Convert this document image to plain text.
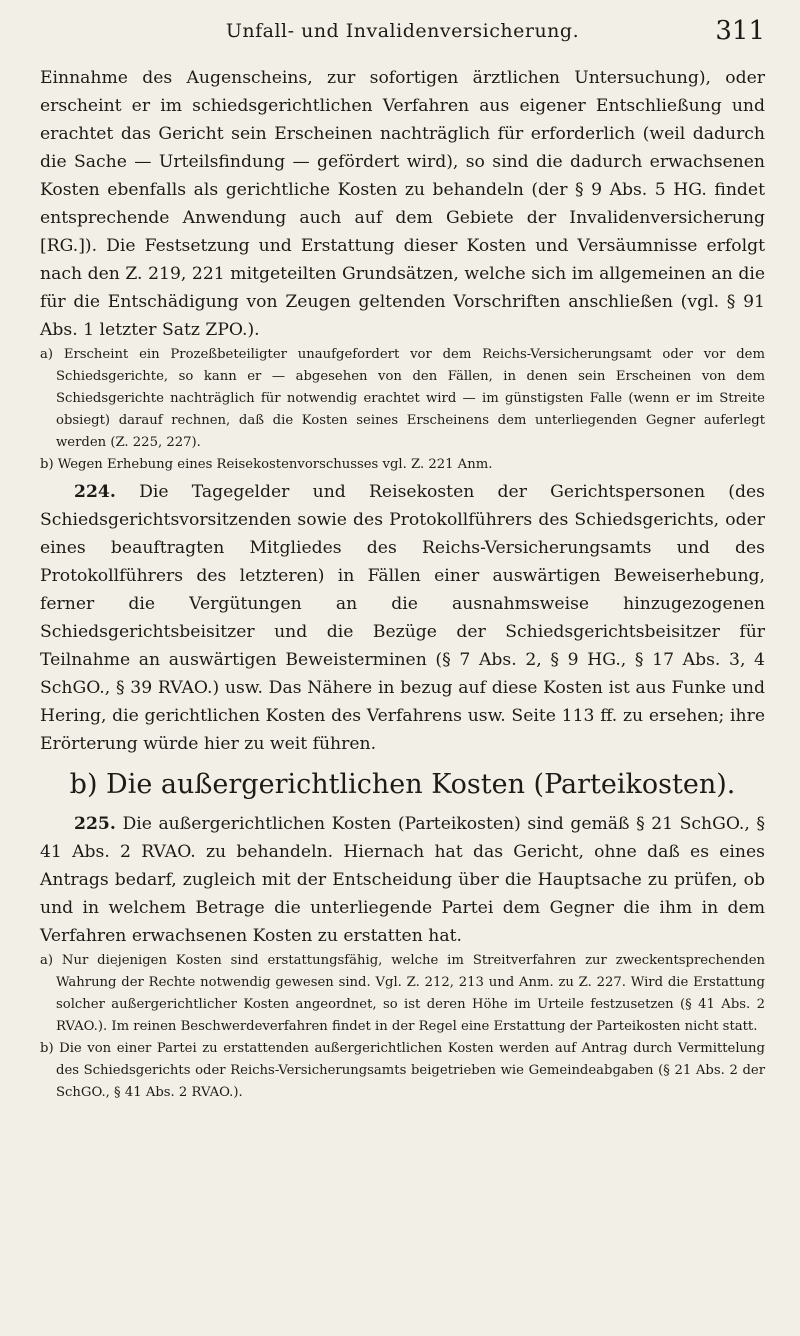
Unfall- und Invalidenversicherung.	311

Einnahme des Augenscheins, zur sofortigen ärztlichen Untersuchung), oder erscheint er im schiedsgerichtlichen Verfahren aus eigener Entschließung und erachtet das Gericht sein Erscheinen nachträglich für erforderlich (weil dadurch die Sache — Urteilsfindung — gefördert wird), so sind die dadurch erwachsenen Kosten ebenfalls als gerichtliche Kosten zu behandeln (der § 9 Abs. 5 HG. findet entsprechende Anwendung auch auf dem Gebiete der Invalidenversicherung [RG.]). Die Festsetzung und Erstattung dieser Kosten und Versäumnisse erfolgt nach den Z. 219, 221 mitgeteilten Grundsätzen, welche sich im allgemeinen an die für die Entschädigung von Zeugen geltenden Vorschriften anschließen (vgl. § 91 Abs. 1 letzter Satz ZPO.).

a) Erscheint ein Prozeßbeteiligter unaufgefordert vor dem Reichs-Versicherungsamt oder vor dem Schiedsgerichte, so kann er — abgesehen von den Fällen, in denen sein Erscheinen von dem Schiedsgerichte nachträglich für notwendig erachtet wird — im günstigsten Falle (wenn er im Streite obsiegt) darauf rechnen, daß die Kosten seines Erscheinens dem unterliegenden Gegner auferlegt werden (Z. 225, 227).

b) Wegen Erhebung eines Reisekostenvorschusses vgl. Z. 221 Anm.

224. Die Tagegelder und Reisekosten der Gerichtspersonen (des Schiedsgerichtsvorsitzenden sowie des Protokollführers des Schiedsgerichts, oder eines beauftragten Mitgliedes des Reichs-Versicherungsamts und des Protokollführers des letzteren) in Fällen einer auswärtigen Beweiserhebung, ferner die Vergütungen an die ausnahmsweise hinzugezogenen Schiedsgerichtsbeisitzer und die Bezüge der Schiedsgerichtsbeisitzer für Teilnahme an auswärtigen Beweisterminen (§ 7 Abs. 2, § 9 HG., § 17 Abs. 3, 4 SchGO., § 39 RVAO.) usw. Das Nähere in bezug auf diese Kosten ist aus Funke und Hering, die gerichtlichen Kosten des Verfahrens usw. Seite 113 ff. zu ersehen; ihre Erörterung würde hier zu weit führen.

b) Die außergerichtlichen Kosten (Parteikosten).

225. Die außergerichtlichen Kosten (Parteikosten) sind gemäß § 21 SchGO., § 41 Abs. 2 RVAO. zu behandeln. Hiernach hat das Gericht, ohne daß es eines Antrags bedarf, zugleich mit der Entscheidung über die Hauptsache zu prüfen, ob und in welchem Betrage die unterliegende Partei dem Gegner die ihm in dem Verfahren erwachsenen Kosten zu erstatten hat.

a) Nur diejenigen Kosten sind erstattungsfähig, welche im Streitverfahren zur zweckentsprechenden Wahrung der Rechte notwendig gewesen sind. Vgl. Z. 212, 213 und Anm. zu Z. 227. Wird die Erstattung solcher außergerichtlicher Kosten angeordnet, so ist deren Höhe im Urteile festzusetzen (§ 41 Abs. 2 RVAO.). Im reinen Beschwerdeverfahren findet in der Regel eine Erstattung der Parteikosten nicht statt.

b) Die von einer Partei zu erstattenden außergerichtlichen Kosten werden auf Antrag durch Vermittelung des Schiedsgerichts oder Reichs-Versicherungsamts beigetrieben wie Gemeindeabgaben (§ 21 Abs. 2 der SchGO., § 41 Abs. 2 RVAO.).
